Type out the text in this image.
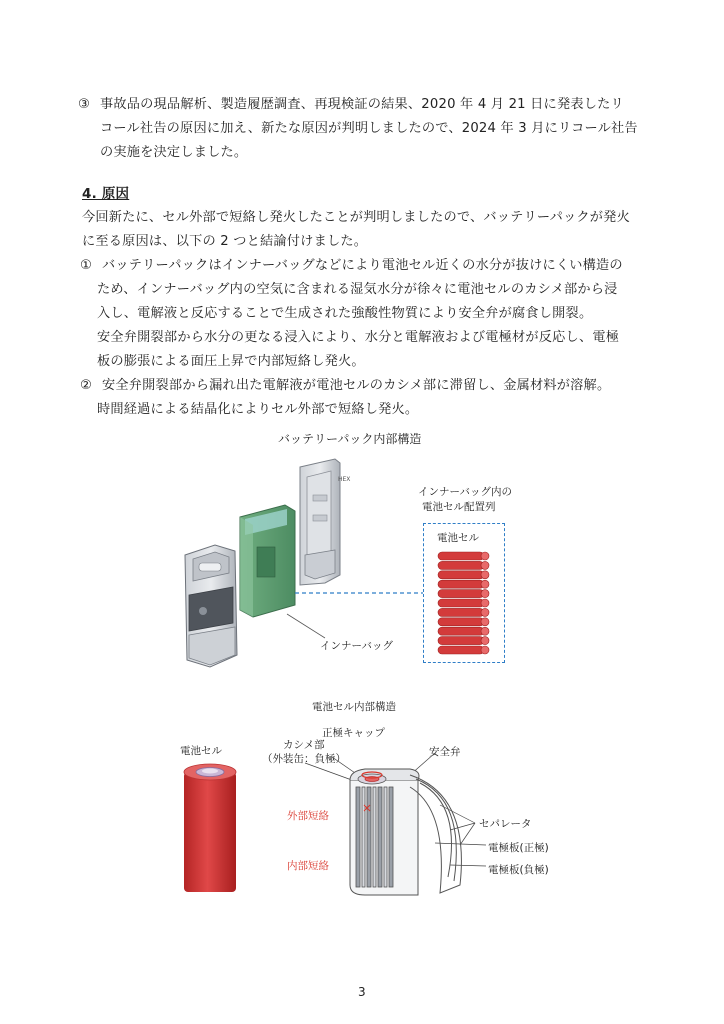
③ 事故品の現品解析、製造履歴調査、再現検証の結果、2020 年 4 月 21 日に発表したリ
コール社告の原因に加え、新たな原因が判明しましたので、2024 年 3 月にリコール社告
の実施を決定しました。
4. 原因
今回新たに、セル外部で短絡し発火したことが判明しましたので、バッテリーパックが発火
に至る原因は、以下の 2 つと結論付けました。
① バッテリーパックはインナーバッグなどにより電池セル近くの水分が抜けにくい構造の
ため、インナーバッグ内の空気に含まれる湿気水分が徐々に電池セルのカシメ部から浸
入し、電解液と反応することで生成された強酸性物質により安全弁が腐食し開裂。
安全弁開裂部から水分の更なる浸入により、水分と電解液および電極材が反応し、電極
板の膨張による面圧上昇で内部短絡し発火。
② 安全弁開裂部から漏れ出た電解液が電池セルのカシメ部に滞留し、金属材料が溶解。
時間経過による結晶化によりセル外部で短絡し発火。
バッテリーパック内部構造
HEX
インナーバッグ内の
電池セル配置列
電池セル
インナーバッグ
電池セル内部構造
電池セル	カシメ部
（外装缶：負極）
正極キャップ
安全弁
外部短絡
内部短絡
セパレータ
電極板(正極)
電極板(負極)
3
